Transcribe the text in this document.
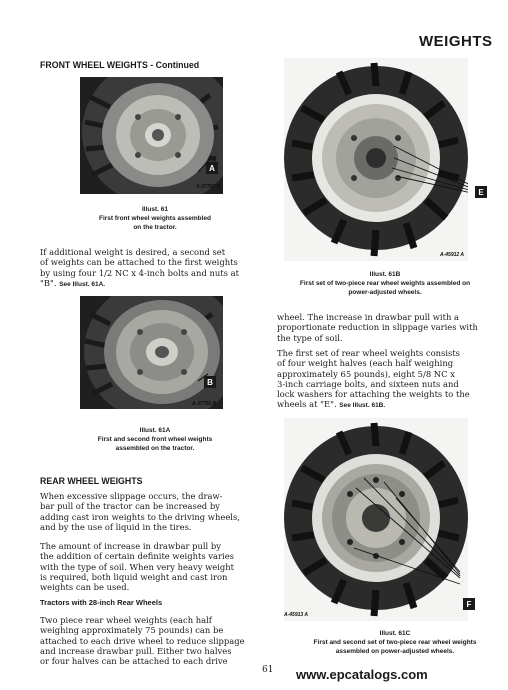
WEIGHTS
FRONT WHEEL WEIGHTS - Continued
A
A-37755 B
Illust. 61
First front wheel weights assembled
on the tractor.
If additional weight is desired, a second set
of weights can be attached to the first weights
by using four 1/2 NC x 4-inch bolts and nuts at
"B". See Illust. 61A.
B
A-37756 B
Illust. 61A
First and second front wheel weights
assembled on the tractor.
REAR WHEEL WEIGHTS
When excessive slippage occurs, the draw-
bar pull of the tractor can be increased by
adding cast iron weights to the driving wheels,
and by the use of liquid in the tires.
The amount of increase in drawbar pull by
the addition of certain definite weights varies
with the type of soil. When very heavy weight
is required, both liquid weight and cast iron
weights can be used.
Tractors with 28-inch Rear Wheels
Two piece rear wheel weights (each half
weighing approximately 75 pounds) can be
attached to each drive wheel to reduce slippage
and increase drawbar pull. Either two halves
or four halves can be attached to each drive
E
A-45912 A
Illust. 61B
First set of two-piece rear wheel weights assembled on
power-adjusted wheels.
wheel. The increase in drawbar pull with a
proportionate reduction in slippage varies with
the type of soil.
The first set of rear wheel weights consists
of four weight halves (each half weighing
approximately 65 pounds), eight 5/8 NC x
3-inch carriage bolts, and sixteen nuts and
lock washers for attaching the weights to the
wheels at "E". See Illust. 61B.
F
A-45913 A
Illust. 61C
First and second set of two-piece rear wheel weights
assembled on power-adjusted wheels.
61 www.epcatalogs.com
